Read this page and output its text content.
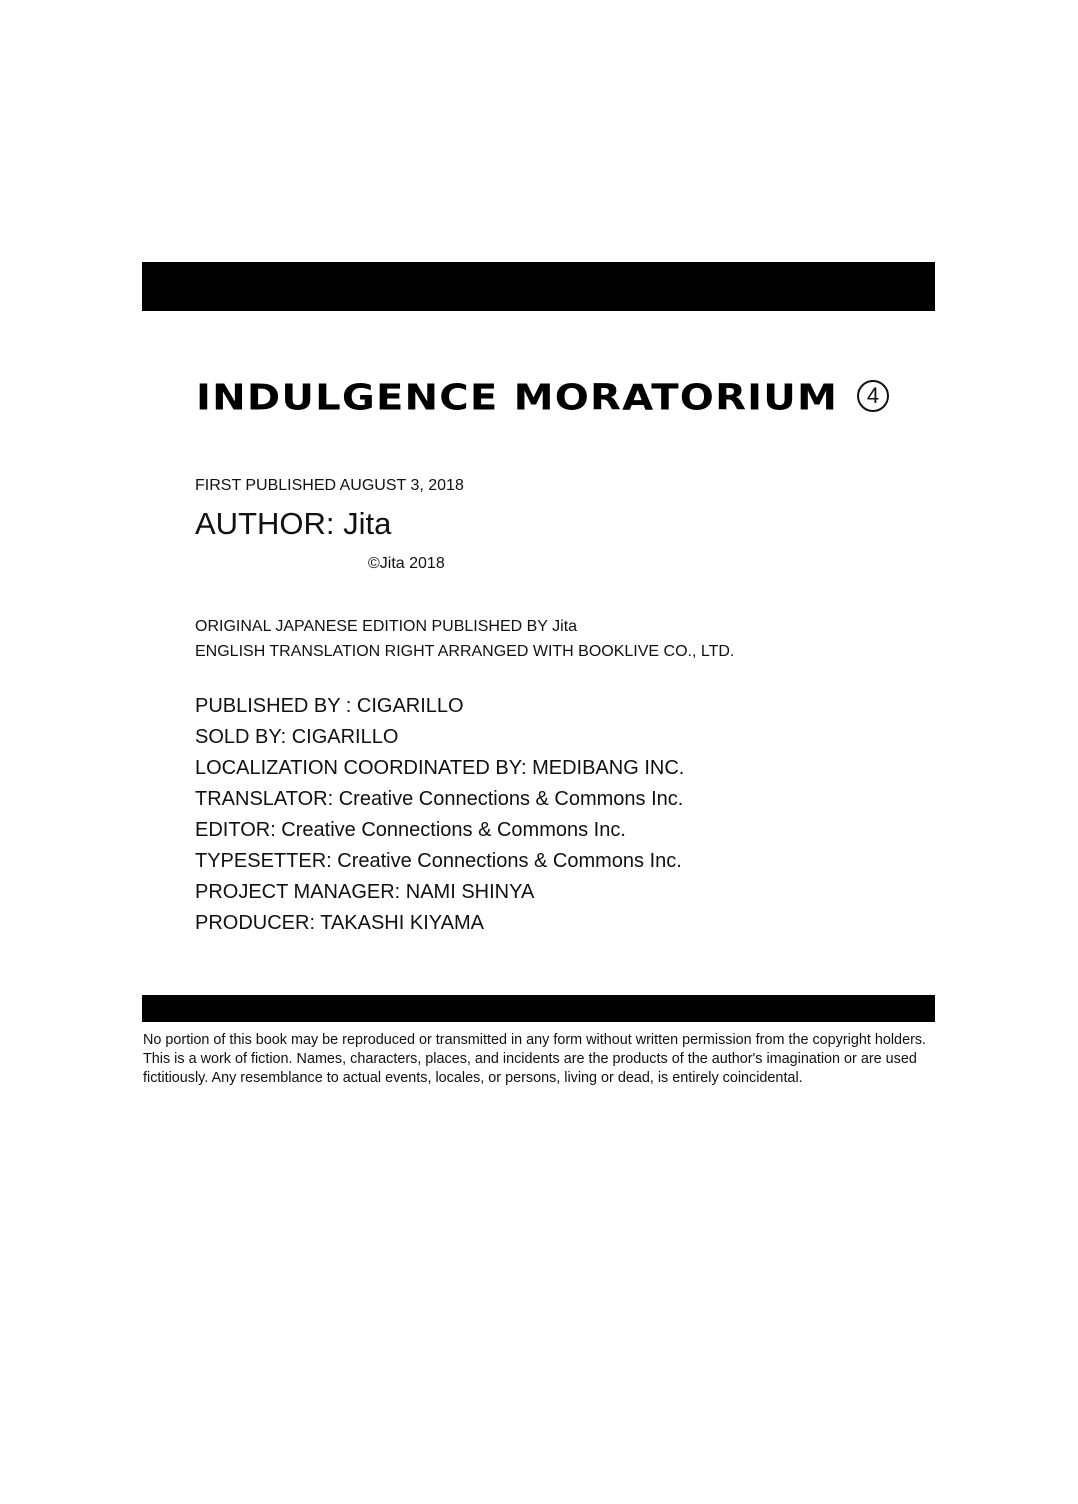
INDULGENCE MORATORIUM	4
FIRST PUBLISHED AUGUST 3, 2018
AUTHOR: Jita
©Jita 2018
ORIGINAL JAPANESE EDITION PUBLISHED BY Jita
ENGLISH TRANSLATION RIGHT ARRANGED WITH BOOKLIVE CO., LTD.
PUBLISHED BY : CIGARILLO
SOLD BY: CIGARILLO
LOCALIZATION COORDINATED BY: MEDIBANG INC.
TRANSLATOR: Creative Connections & Commons Inc.
EDITOR: Creative Connections & Commons Inc.
TYPESETTER: Creative Connections & Commons Inc.
PROJECT MANAGER: NAMI SHINYA
PRODUCER: TAKASHI KIYAMA
No portion of this book may be reproduced or transmitted in any form without written permission from the copyright holders. This is a work of fiction. Names, characters, places, and incidents are the products of the author's imagination or are used fictitiously. Any resemblance to actual events, locales, or persons, living or dead, is entirely coincidental.
